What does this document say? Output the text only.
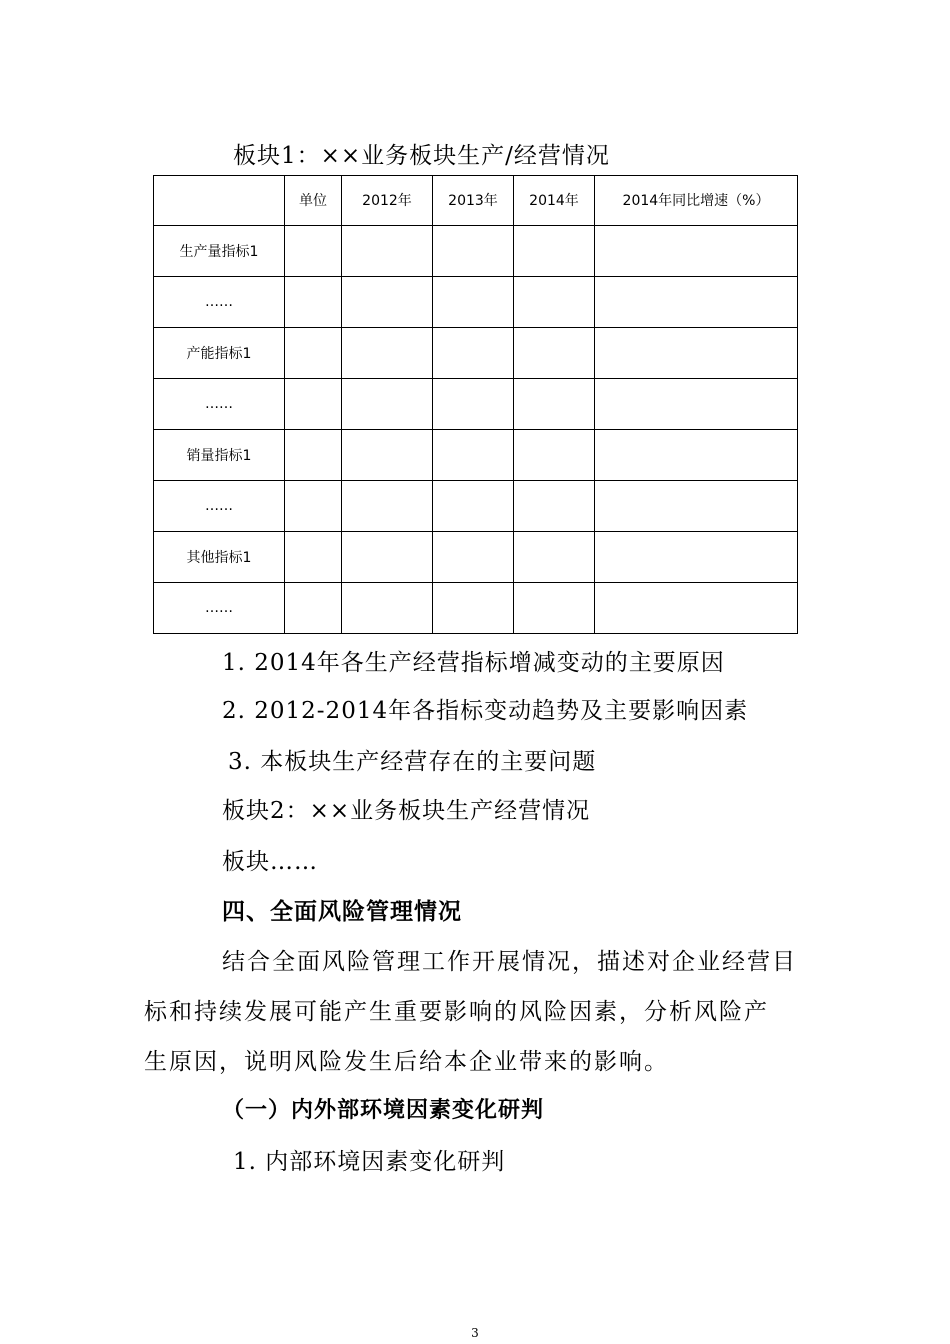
板块1：××业务板块生产/经营情况
	单位	2012年	2013年	2014年	2014年同比增速（%）
生产量指标1					
……					
产能指标1					
……					
销量指标1					
……					
其他指标1					
……					
1. 2014年各生产经营指标增减变动的主要原因
2. 2012-2014年各指标变动趋势及主要影响因素
3. 本板块生产经营存在的主要问题
板块2：××业务板块生产经营情况
板块……
四、全面风险管理情况
结合全面风险管理工作开展情况，描述对企业经营目
标和持续发展可能产生重要影响的风险因素，分析风险产
生原因，说明风险发生后给本企业带来的影响。
（一）内外部环境因素变化研判
1. 内部环境因素变化研判
3
